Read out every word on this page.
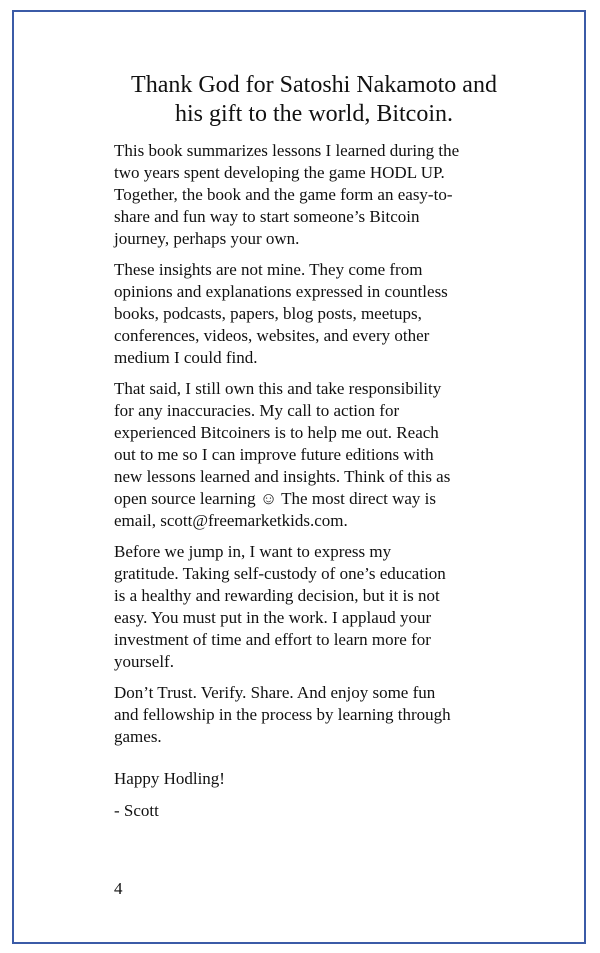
Thank God for Satoshi Nakamoto and
his gift to the world, Bitcoin.

This book summarizes lessons I learned during the
two years spent developing the game HODL UP.
Together, the book and the game form an easy-to-
share and fun way to start someone’s Bitcoin
journey, perhaps your own.

These insights are not mine. They come from
opinions and explanations expressed in countless
books, podcasts, papers, blog posts, meetups,
conferences, videos, websites, and every other
medium I could find.

That said, I still own this and take responsibility
for any inaccuracies. My call to action for
experienced Bitcoiners is to help me out. Reach
out to me so I can improve future editions with
new lessons learned and insights. Think of this as
open source learning ☺ The most direct way is
email, scott@freemarketkids.com.

Before we jump in, I want to express my
gratitude. Taking self-custody of one’s education
is a healthy and rewarding decision, but it is not
easy. You must put in the work. I applaud your
investment of time and effort to learn more for
yourself.

Don’t Trust. Verify. Share. And enjoy some fun
and fellowship in the process by learning through
games.

Happy Hodling!
- Scott
4
